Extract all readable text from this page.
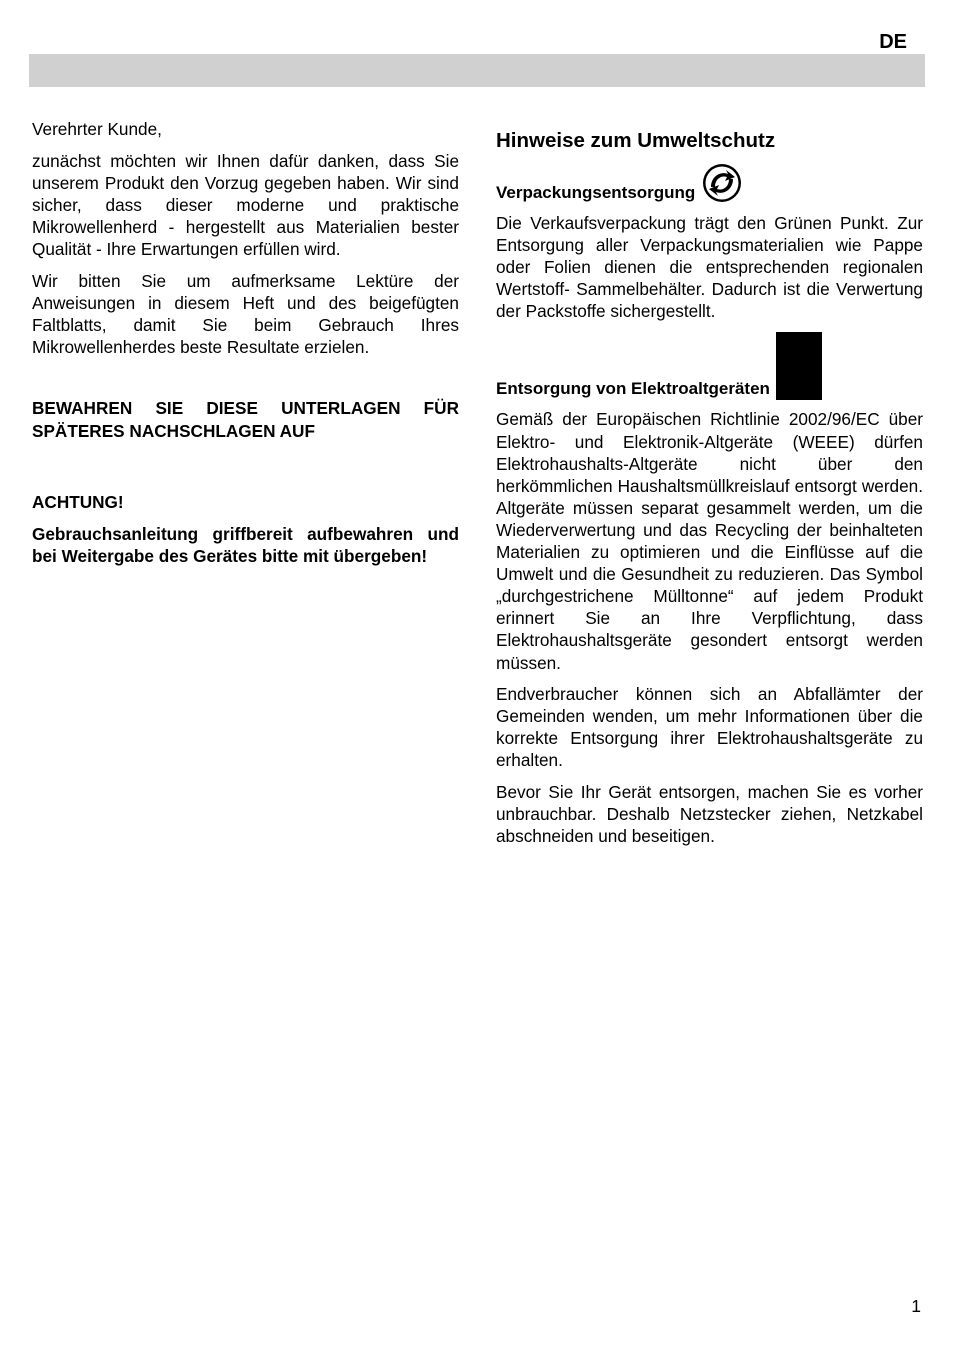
DE

Verehrter Kunde,

zunächst möchten wir Ihnen dafür danken, dass Sie unserem Produkt den Vorzug gegeben haben. Wir sind sicher, dass dieser moderne und praktische Mikrowellenherd - hergestellt aus Materialien bester Qualität - Ihre Erwartungen erfüllen wird.

Wir bitten Sie um aufmerksame Lektüre der Anweisungen in diesem Heft und des beigefügten Faltblatts, damit Sie beim Gebrauch Ihres Mikrowellenherdes beste Resultate erzielen.

BEWAHREN SIE DIESE UNTERLAGEN FÜR SPÄTERES NACHSCHLAGEN AUF

ACHTUNG!

Gebrauchsanleitung griffbereit aufbewahren und bei Weitergabe des Gerätes bitte mit übergeben!

Hinweise zum Umweltschutz
Verpackungsentsorgung

Die Verkaufsverpackung trägt den Grünen Punkt. Zur Entsorgung aller Verpackungsmaterialien wie Pappe oder Folien dienen die entsprechenden regionalen Wertstoff- Sammelbehälter. Dadurch ist die Verwertung der Packstoffe sichergestellt.

Entsorgung von Elektroaltgeräten

Gemäß der Europäischen Richtlinie 2002/96/EC über Elektro- und Elektronik-Altgeräte (WEEE) dürfen Elektrohaushalts-Altgeräte nicht über den herkömmlichen Haushaltsmüllkreislauf entsorgt werden. Altgeräte müssen separat gesammelt werden, um die Wiederverwertung und das Recycling der beinhalteten Materialien zu optimieren und die Einflüsse auf die Umwelt und die Gesundheit zu reduzieren. Das Symbol „durchgestrichene Mülltonne“ auf jedem Produkt erinnert Sie an Ihre Verpflichtung, dass Elektrohaushaltsgeräte gesondert entsorgt werden müssen.

Endverbraucher können sich an Abfallämter der Gemeinden wenden, um mehr Informationen über die korrekte Entsorgung ihrer Elektrohaushaltsgeräte zu erhalten.

Bevor Sie Ihr Gerät entsorgen, machen Sie es vorher unbrauchbar. Deshalb Netzstecker ziehen, Netzkabel abschneiden und beseitigen.

1
